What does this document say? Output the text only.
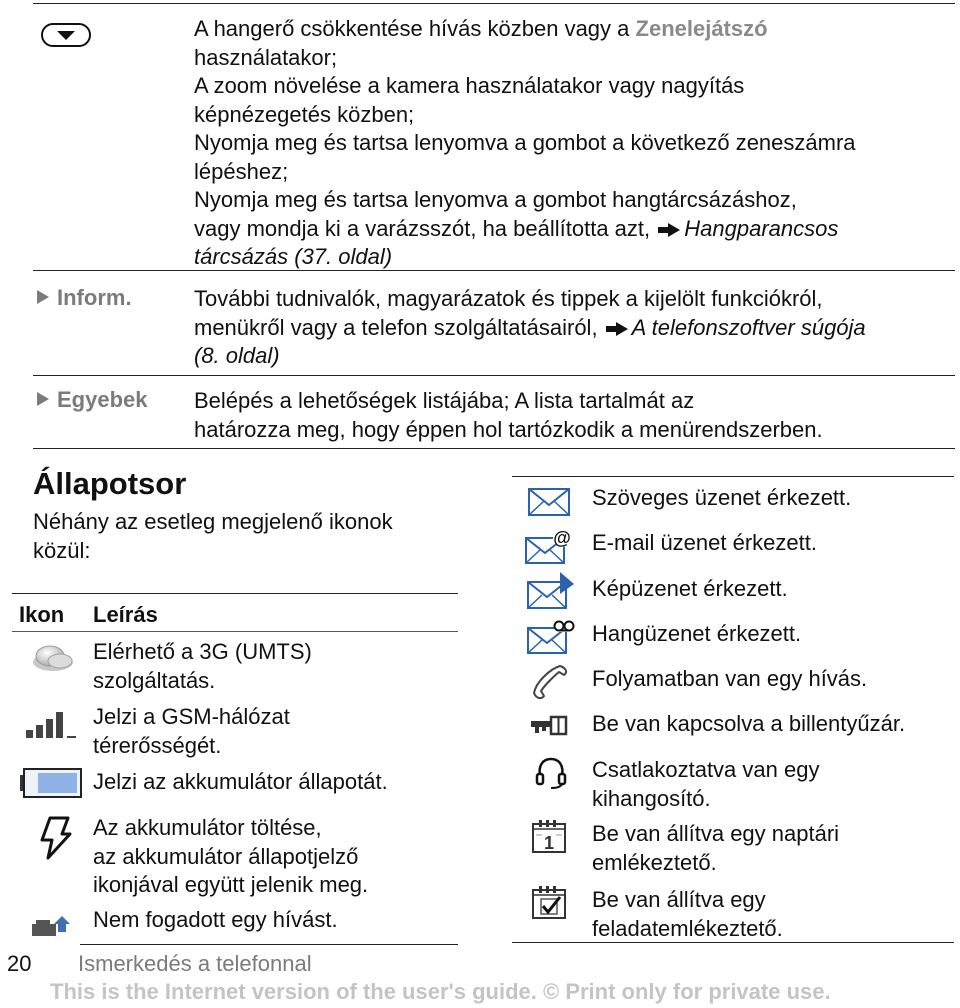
A hangerő csökkentése hívás közben vagy a Zenelejátszó
használatakor;
A zoom növelése a kamera használatakor vagy nagyítás
képnézegetés közben;
Nyomja meg és tartsa lenyomva a gombot a következő zeneszámra
lépéshez;
Nyomja meg és tartsa lenyomva a gombot hangtárcsázáshoz,
vagy mondja ki a varázsszót, ha beállította azt, Hangparancsos
tárcsázás (37. oldal)
Inform.	További tudnivalók, magyarázatok és tippek a kijelölt funkciókról,
menükről vagy a telefon szolgáltatásairól, A telefonszoftver súgója
(8. oldal)
Egyebek Belépés a lehetőségek listájába; A lista tartalmát az
határozza meg, hogy éppen hol tartózkodik a menürendszerben.
Állapotsor
Néhány az esetleg megjelenő ikonok
közül:
Ikon Leírás
Elérhető a 3G (UMTS)
szolgáltatás.
Jelzi a GSM-hálózat
térerősségét.
Jelzi az akkumulátor állapotát.
Az akkumulátor töltése,
az akkumulátor állapotjelző
ikonjával együtt jelenik meg.
Nem fogadott egy hívást.
Szöveges üzenet érkezett.
@ E-mail üzenet érkezett.
Képüzenet érkezett.
Hangüzenet érkezett.
Folyamatban van egy hívás.
Be van kapcsolva a billentyűzár.
Csatlakoztatva van egy
kihangosító.
1 Be van állítva egy naptári
emlékeztető.
Be van állítva egy
feladatemlékeztető.
20 Ismerkedés a telefonnal
This is the Internet version of the user's guide. © Print only for private use.
